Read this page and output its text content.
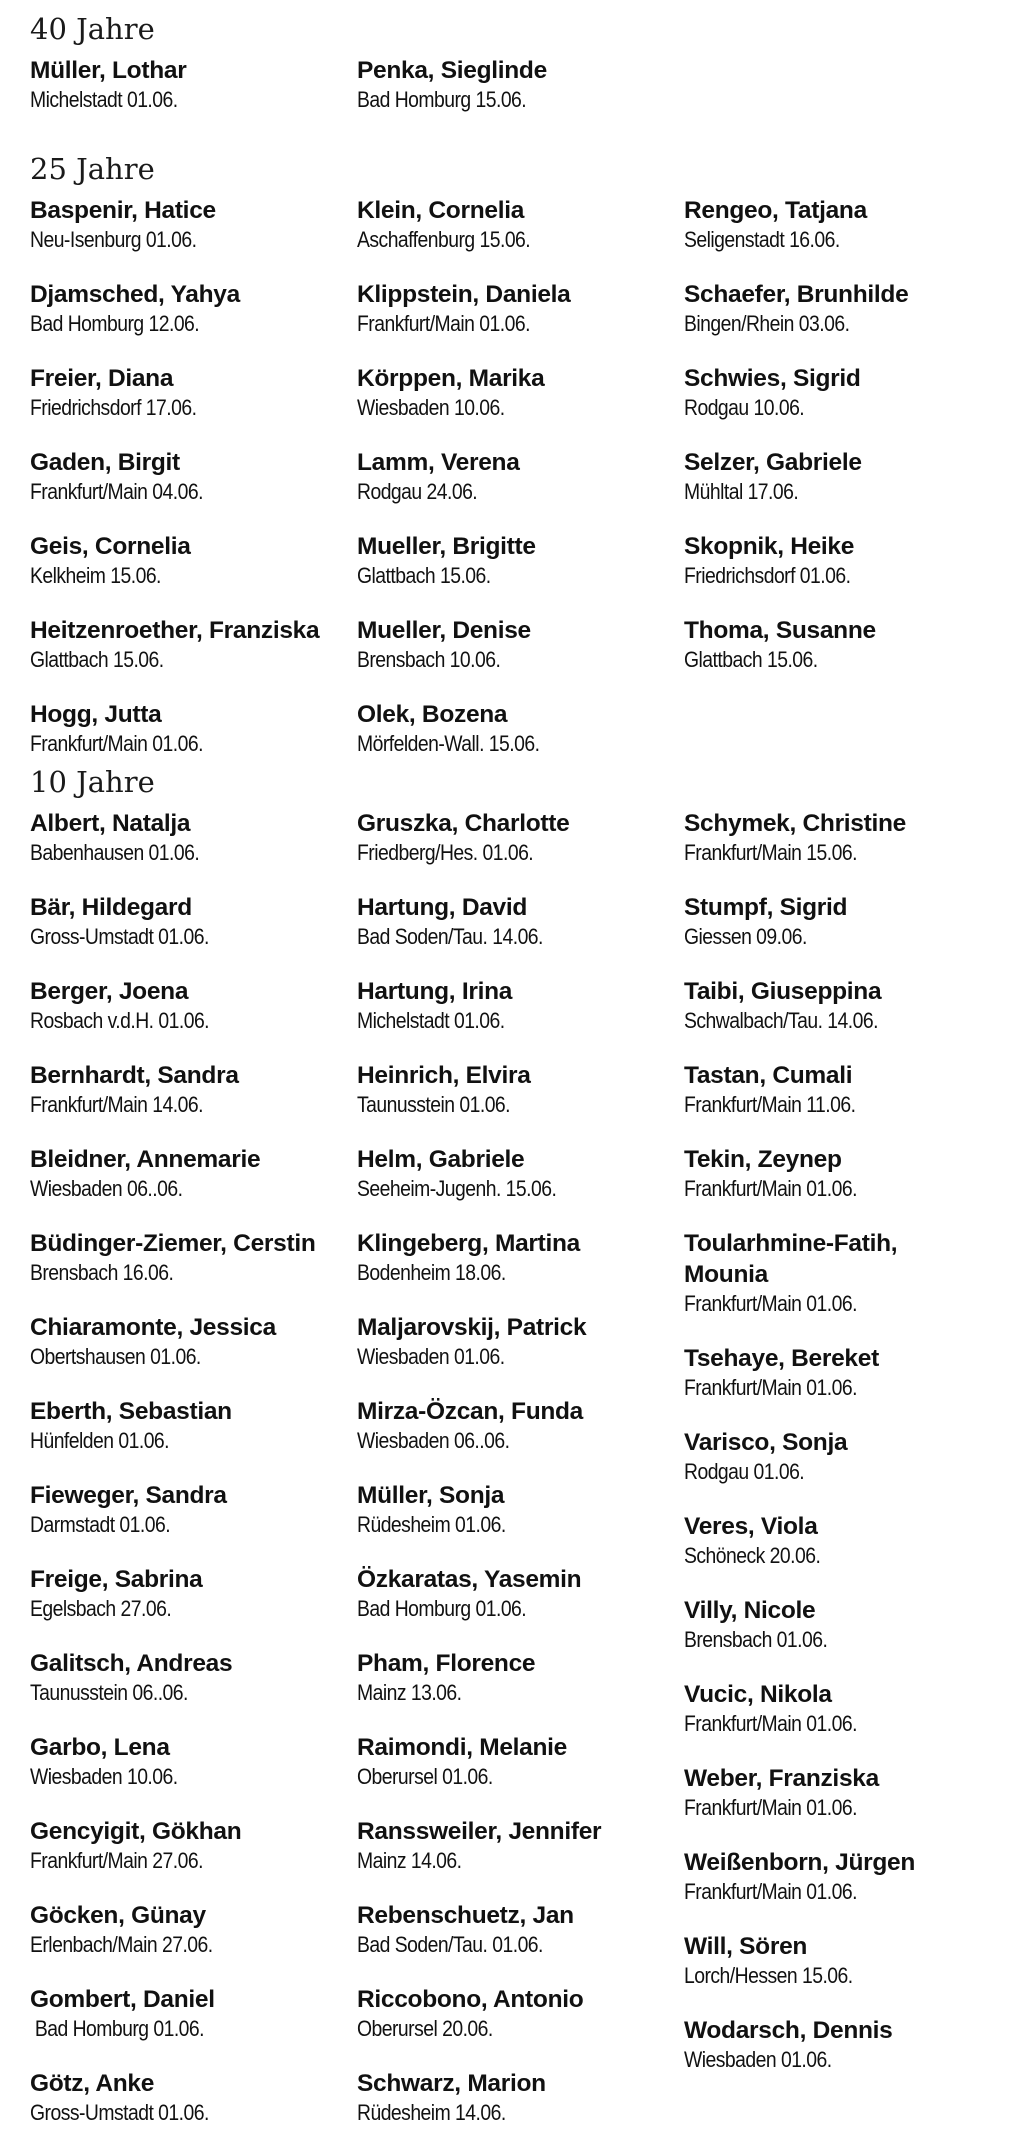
40 Jahre
Müller, Lothar
Michelstadt 01.06.
Penka, Sieglinde
Bad Homburg 15.06.
25 Jahre
Baspenir, Hatice
Neu-Isenburg 01.06.
Djamsched, Yahya
Bad Homburg 12.06.
Freier, Diana
Friedrichsdorf 17.06.
Gaden, Birgit
Frankfurt/Main 04.06.
Geis, Cornelia
Kelkheim 15.06.
Heitzenroether, Franziska
Glattbach 15.06.
Hogg, Jutta
Frankfurt/Main 01.06.
Klein, Cornelia
Aschaffenburg 15.06.
Klippstein, Daniela
Frankfurt/Main 01.06.
Körppen, Marika
Wiesbaden 10.06.
Lamm, Verena
Rodgau 24.06.
Mueller, Brigitte
Glattbach 15.06.
Mueller, Denise
Brensbach 10.06.
Olek, Bozena
Mörfelden-Wall. 15.06.
Rengeo, Tatjana
Seligenstadt 16.06.
Schaefer, Brunhilde
Bingen/Rhein 03.06.
Schwies, Sigrid
Rodgau 10.06.
Selzer, Gabriele
Mühltal 17.06.
Skopnik, Heike
Friedrichsdorf 01.06.
Thoma, Susanne
Glattbach 15.06.
10 Jahre
Albert, Natalja
Babenhausen 01.06.
Bär, Hildegard
Gross-Umstadt 01.06.
Berger, Joena
Rosbach v.d.H. 01.06.
Bernhardt, Sandra
Frankfurt/Main 14.06.
Bleidner, Annemarie
Wiesbaden 06..06.
Büdinger-Ziemer, Cerstin
Brensbach 16.06.
Chiaramonte, Jessica
Obertshausen 01.06.
Eberth, Sebastian
Hünfelden 01.06.
Fieweger, Sandra
Darmstadt 01.06.
Freige, Sabrina
Egelsbach 27.06.
Galitsch, Andreas
Taunusstein 06..06.
Garbo, Lena
Wiesbaden 10.06.
Gencyigit, Gökhan
Frankfurt/Main 27.06.
Göcken, Günay
Erlenbach/Main 27.06.
Gombert, Daniel
Bad Homburg 01.06.
Götz, Anke
Gross-Umstadt 01.06.
Gruszka, Charlotte
Friedberg/Hes. 01.06.
Hartung, David
Bad Soden/Tau. 14.06.
Hartung, Irina
Michelstadt 01.06.
Heinrich, Elvira
Taunusstein 01.06.
Helm, Gabriele
Seeheim-Jugenh. 15.06.
Klingeberg, Martina
Bodenheim 18.06.
Maljarovskij, Patrick
Wiesbaden 01.06.
Mirza-Özcan, Funda
Wiesbaden 06..06.
Müller, Sonja
Rüdesheim 01.06.
Özkaratas, Yasemin
Bad Homburg 01.06.
Pham, Florence
Mainz 13.06.
Raimondi, Melanie
Oberursel 01.06.
Ranssweiler, Jennifer
Mainz 14.06.
Rebenschuetz, Jan
Bad Soden/Tau. 01.06.
Riccobono, Antonio
Oberursel 20.06.
Schwarz, Marion
Rüdesheim 14.06.
Schymek, Christine
Frankfurt/Main 15.06.
Stumpf, Sigrid
Giessen 09.06.
Taibi, Giuseppina
Schwalbach/Tau. 14.06.
Tastan, Cumali
Frankfurt/Main 11.06.
Tekin, Zeynep
Frankfurt/Main 01.06.
Toularhmine-Fatih, Mounia
Frankfurt/Main 01.06.
Tsehaye, Bereket
Frankfurt/Main 01.06.
Varisco, Sonja
Rodgau 01.06.
Veres, Viola
Schöneck 20.06.
Villy, Nicole
Brensbach 01.06.
Vucic, Nikola
Frankfurt/Main 01.06.
Weber, Franziska
Frankfurt/Main 01.06.
Weißenborn, Jürgen
Frankfurt/Main 01.06.
Will, Sören
Lorch/Hessen 15.06.
Wodarsch, Dennis
Wiesbaden 01.06.
